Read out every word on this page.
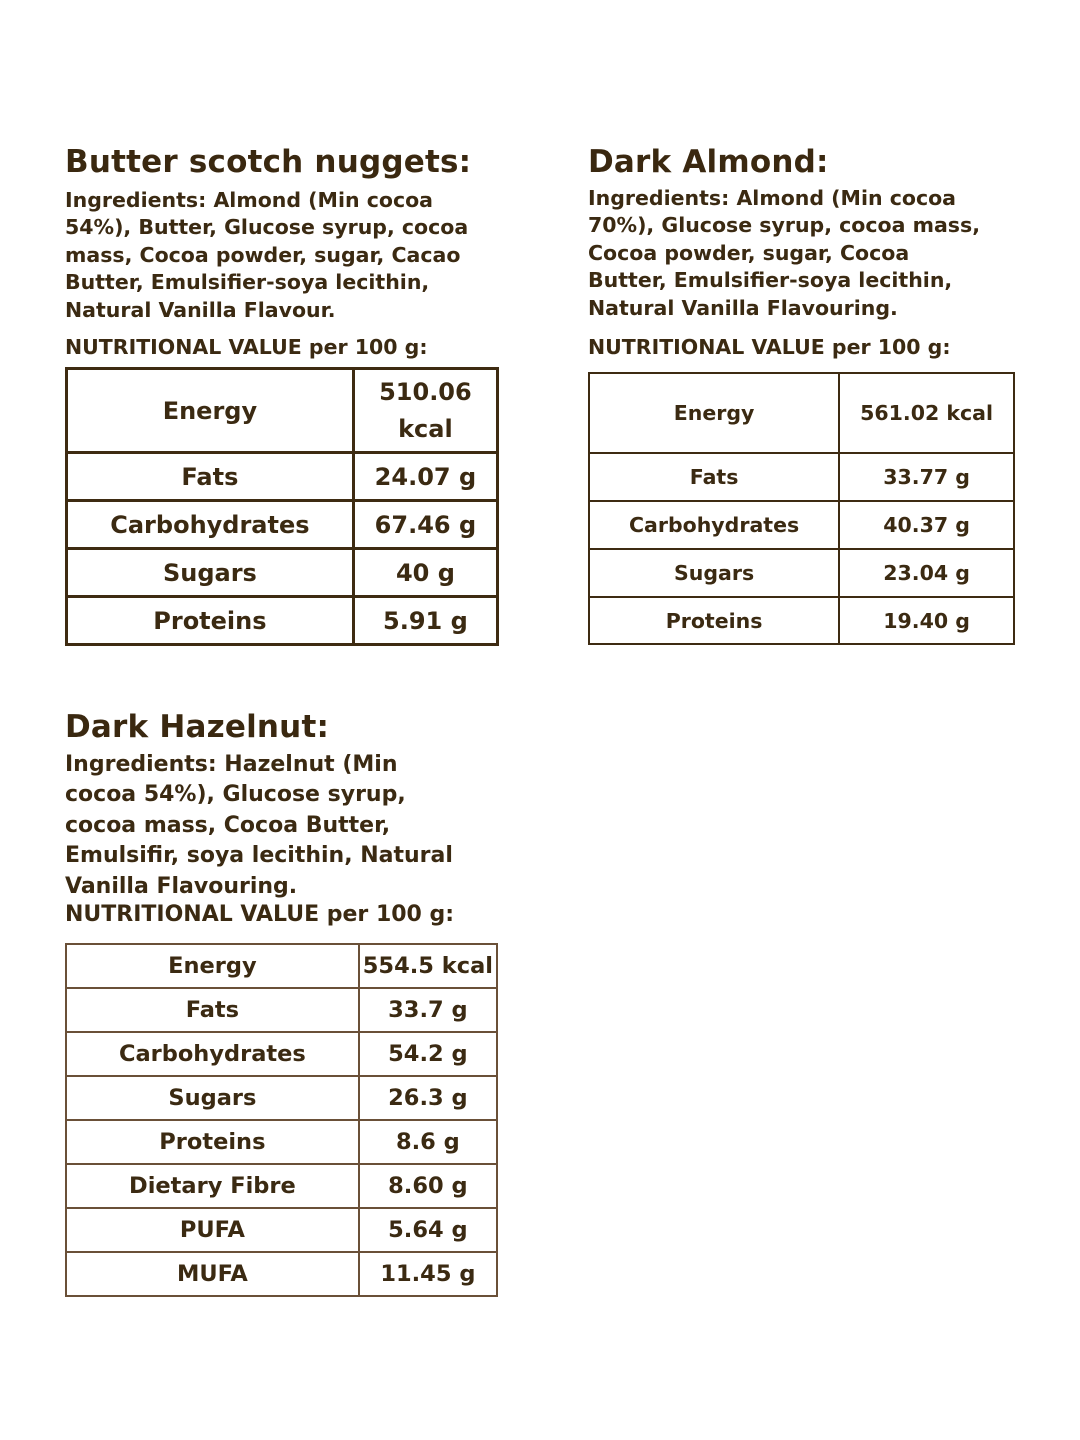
Butter scotch nuggets:

Ingredients: Almond (Min cocoa
54%), Butter, Glucose syrup, cocoa
mass, Cocoa powder, sugar, Cacao
Butter, Emulsifier-soya lecithin,
Natural Vanilla Flavour.

NUTRITIONAL VALUE per 100 g:
Energy	510.06
kcal
Fats	24.07 g
Carbohydrates	67.46 g
Sugars	40 g
Proteins	5.91 g
Dark Almond:

Ingredients: Almond (Min cocoa
70%), Glucose syrup, cocoa mass,
Cocoa powder, sugar, Cocoa
Butter, Emulsifier-soya lecithin,
Natural Vanilla Flavouring.

NUTRITIONAL VALUE per 100 g:
Energy	561.02 kcal
Fats	33.77 g
Carbohydrates	40.37 g
Sugars	23.04 g
Proteins	19.40 g
Dark Hazelnut:

Ingredients: Hazelnut (Min
cocoa 54%), Glucose syrup,
cocoa mass, Cocoa Butter,
Emulsifir, soya lecithin, Natural
Vanilla Flavouring.

NUTRITIONAL VALUE per 100 g:
Energy	554.5 kcal
Fats	33.7 g
Carbohydrates	54.2 g
Sugars	26.3 g
Proteins	8.6 g
Dietary Fibre	8.60 g
PUFA	5.64 g
MUFA	11.45 g
